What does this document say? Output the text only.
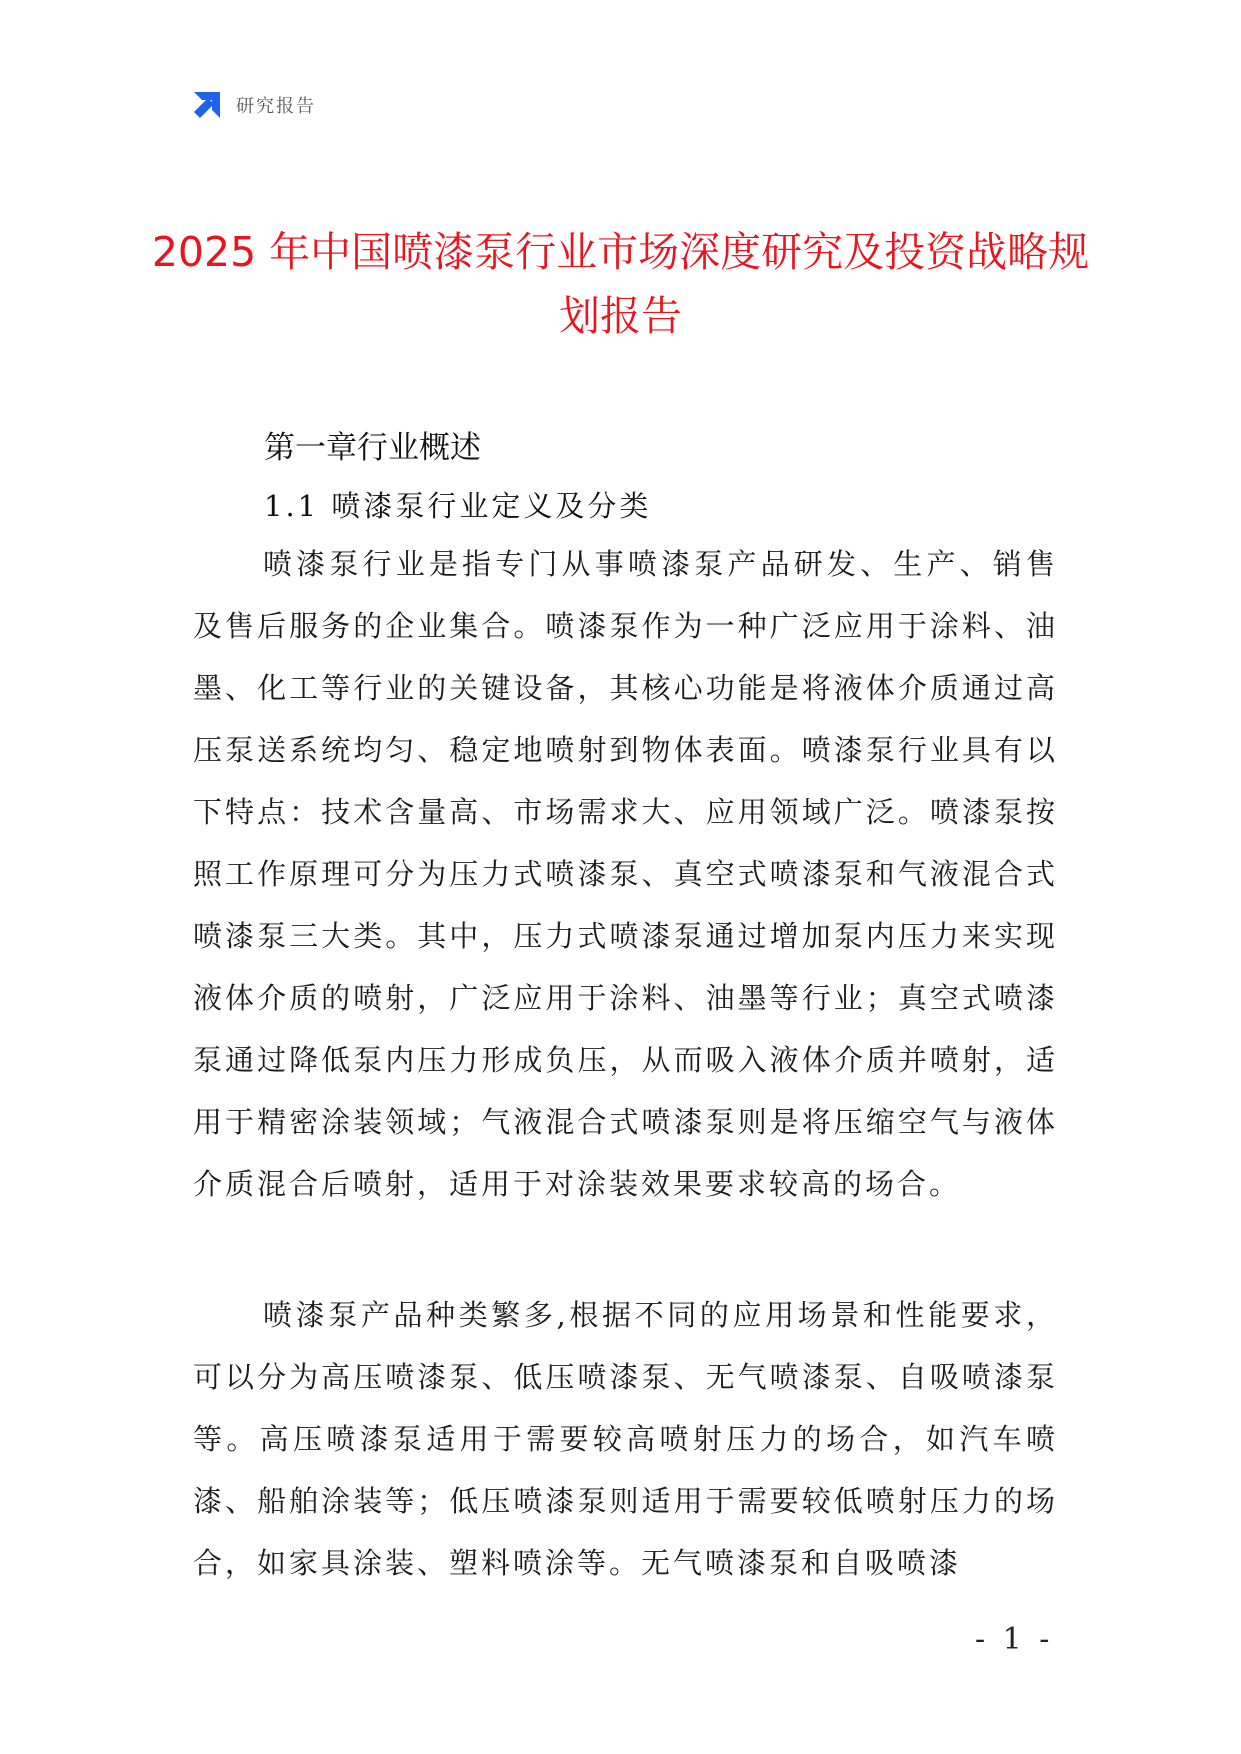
研究报告
2025 年中国喷漆泵行业市场深度研究及投资战略规划报告
第一章行业概述
1.1 喷漆泵行业定义及分类

喷漆泵行业是指专门从事喷漆泵产品研发、生产、销售及售后服务的企业集合。喷漆泵作为一种广泛应用于涂料、油墨、化工等行业的关键设备，其核心功能是将液体介质通过高压泵送系统均匀、稳定地喷射到物体表面。喷漆泵行业具有以下特点：技术含量高、市场需求大、应用领域广泛。喷漆泵按照工作原理可分为压力式喷漆泵、真空式喷漆泵和气液混合式喷漆泵三大类。其中，压力式喷漆泵通过增加泵内压力来实现液体介质的喷射，广泛应用于涂料、油墨等行业；真空式喷漆泵通过降低泵内压力形成负压，从而吸入液体介质并喷射，适用于精密涂装领域；气液混合式喷漆泵则是将压缩空气与液体介质混合后喷射，适用于对涂装效果要求较高的场合。

喷漆泵产品种类繁多,根据不同的应用场景和性能要求，可以分为高压喷漆泵、低压喷漆泵、无气喷漆泵、自吸喷漆泵等。高压喷漆泵适用于需要较高喷射压力的场合，如汽车喷漆、船舶涂装等；低压喷漆泵则适用于需要较低喷射压力的场合，如家具涂装、塑料喷涂等。无气喷漆泵和自吸喷漆

- 1 -
